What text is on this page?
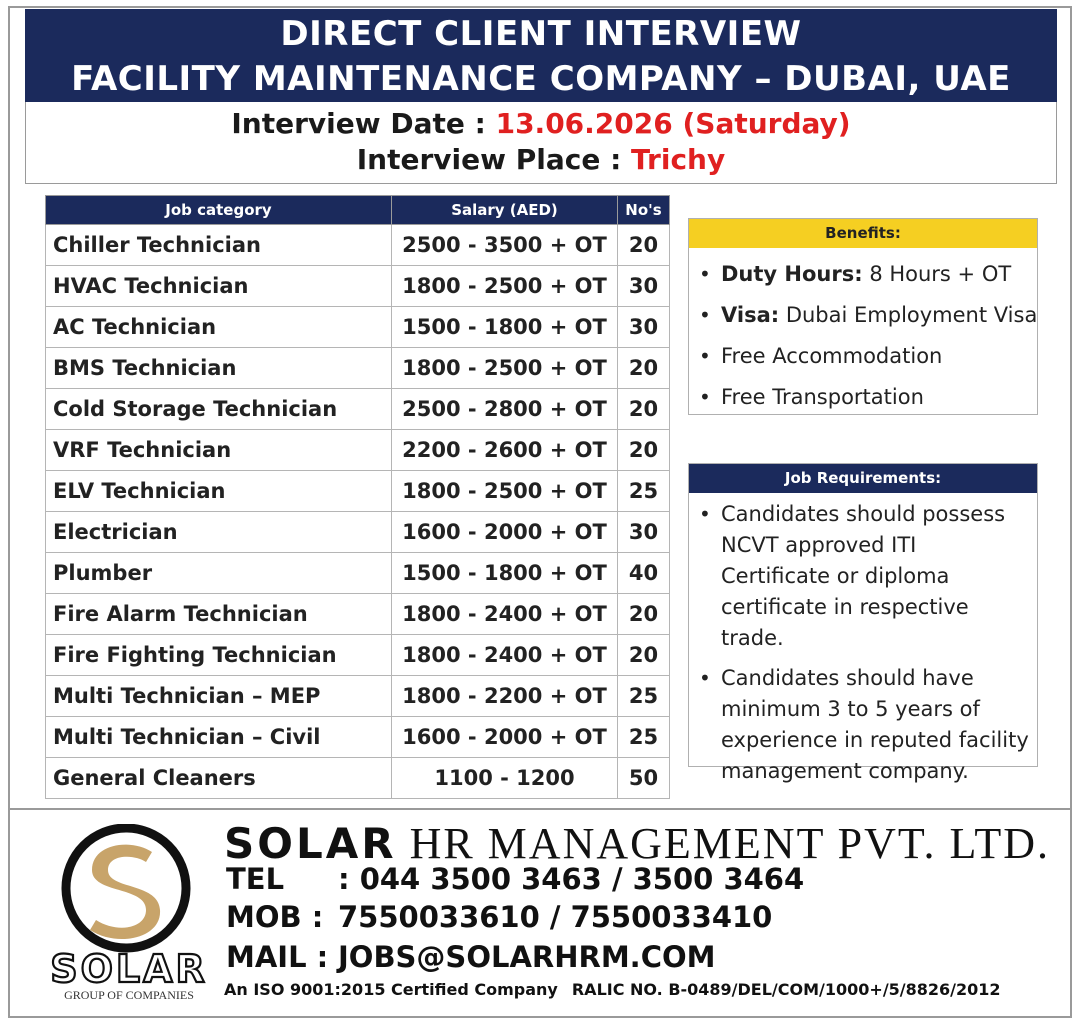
DIRECT CLIENT INTERVIEW
FACILITY MAINTENANCE COMPANY – DUBAI, UAE
Interview Date : 13.06.2026 (Saturday)
Interview Place : Trichy
Job category	Salary (AED)	No's
Chiller Technician	2500 - 3500 + OT	20
HVAC Technician	1800 - 2500 + OT	30
AC Technician	1500 - 1800 + OT	30
BMS Technician	1800 - 2500 + OT	20
Cold Storage Technician	2500 - 2800 + OT	20
VRF Technician	2200 - 2600 + OT	20
ELV Technician	1800 - 2500 + OT	25
Electrician	1600 - 2000 + OT	30
Plumber	1500 - 1800 + OT	40
Fire Alarm Technician	1800 - 2400 + OT	20
Fire Fighting Technician	1800 - 2400 + OT	20
Multi Technician – MEP	1800 - 2200 + OT	25
Multi Technician – Civil	1600 - 2000 + OT	25
General Cleaners	1100 - 1200	50
Benefits:
• Duty Hours: 8 Hours + OT
• Visa: Dubai Employment Visa
• Free Accommodation
• Free Transportation
Job Requirements:
• Candidates should possess NCVT approved ITI Certificate or diploma certificate in respective trade.
• Candidates should have minimum 3 to 5 years of experience in reputed facility management company.
SOLAR
GROUP OF COMPANIES
SOLAR HR MANAGEMENT PVT. LTD.
TEL : 044 3500 3463 / 3500 3464
MOB : 7550033610 / 7550033410
MAIL : JOBS@SOLARHRM.COM
An ISO 9001:2015 Certified Company RALIC NO. B-0489/DEL/COM/1000+/5/8826/2012
